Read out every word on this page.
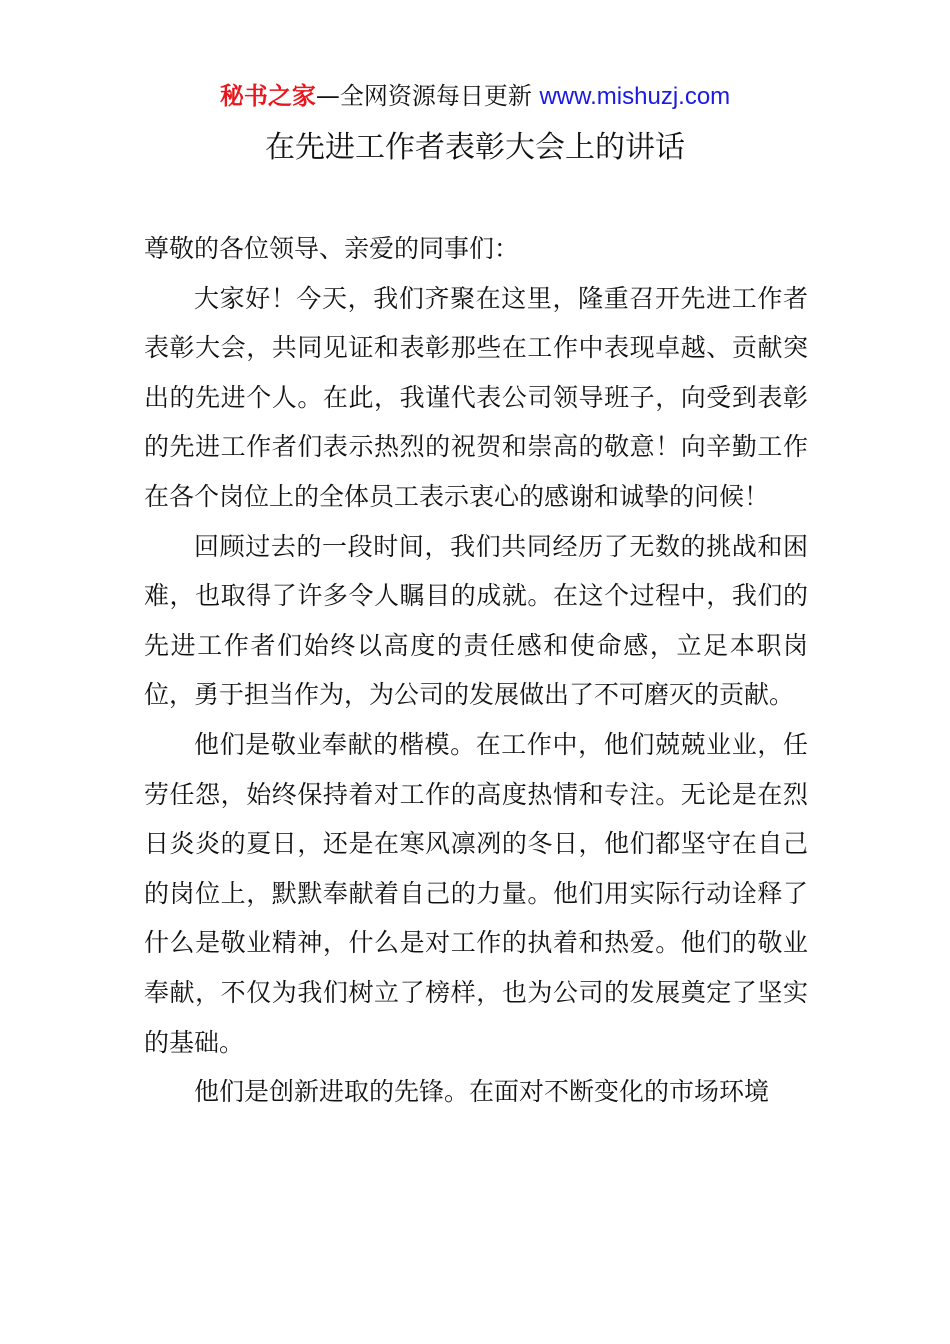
秘书之家—全网资源每日更新 www.mishuzj.com
在先进工作者表彰大会上的讲话

尊敬的各位领导、亲爱的同事们：

大家好！今天，我们齐聚在这里，隆重召开先进工作者表彰大会，共同见证和表彰那些在工作中表现卓越、贡献突出的先进个人。在此，我谨代表公司领导班子，向受到表彰的先进工作者们表示热烈的祝贺和崇高的敬意！向辛勤工作在各个岗位上的全体员工表示衷心的感谢和诚挚的问候！

回顾过去的一段时间，我们共同经历了无数的挑战和困难，也取得了许多令人瞩目的成就。在这个过程中，我们的先进工作者们始终以高度的责任感和使命感，立足本职岗位，勇于担当作为，为公司的发展做出了不可磨灭的贡献。

他们是敬业奉献的楷模。在工作中，他们兢兢业业，任劳任怨，始终保持着对工作的高度热情和专注。无论是在烈日炎炎的夏日，还是在寒风凛冽的冬日，他们都坚守在自己的岗位上，默默奉献着自己的力量。他们用实际行动诠释了什么是敬业精神，什么是对工作的执着和热爱。他们的敬业奉献，不仅为我们树立了榜样，也为公司的发展奠定了坚实的基础。

他们是创新进取的先锋。在面对不断变化的市场环境
